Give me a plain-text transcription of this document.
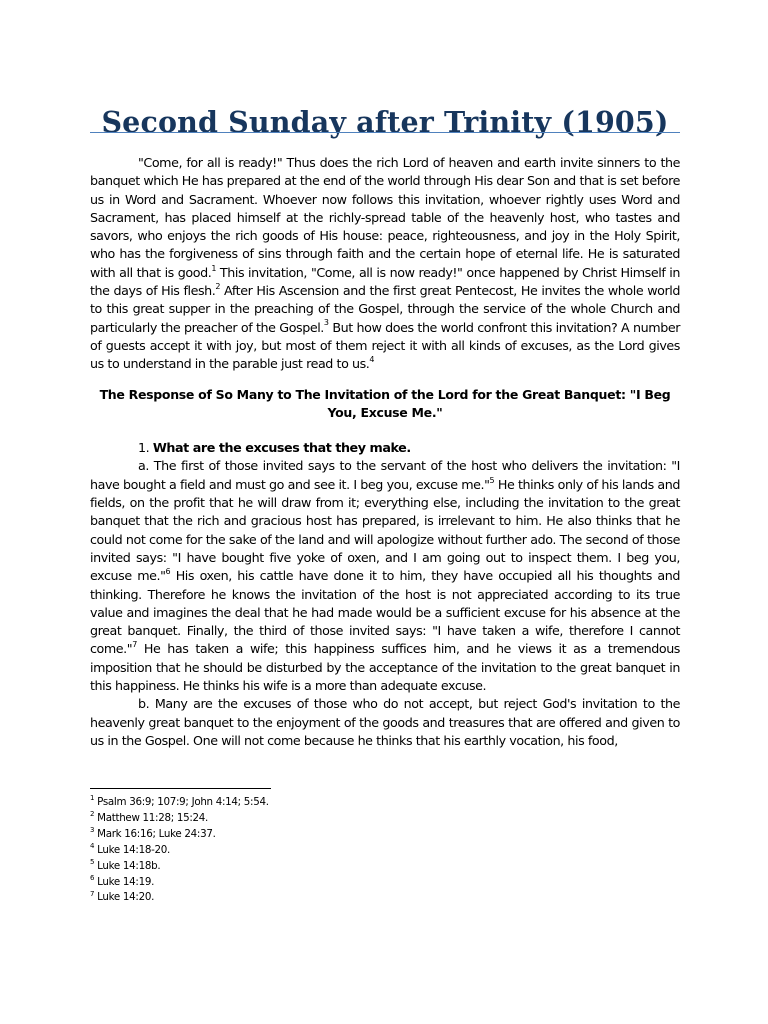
Second Sunday after Trinity (1905)

"Come, for all is ready!" Thus does the rich Lord of heaven and earth invite sinners to the banquet which He has prepared at the end of the world through His dear Son and that is set before us in Word and Sacrament. Whoever now follows this invitation, whoever rightly uses Word and Sacrament, has placed himself at the richly-spread table of the heavenly host, who tastes and savors, who enjoys the rich goods of His house: peace, righteousness, and joy in the Holy Spirit, who has the forgiveness of sins through faith and the certain hope of eternal life. He is saturated with all that is good.$^1$ This invitation, "Come, all is now ready!" once happened by Christ Himself in the days of His flesh.$^2$ After His Ascension and the first great Pentecost, He invites the whole world to this great supper in the preaching of the Gospel, through the service of the whole Church and particularly the preacher of the Gospel.$^3$ But how does the world confront this invitation? A number of guests accept it with joy, but most of them reject it with all kinds of excuses, as the Lord gives us to understand in the parable just read to us.$^4$

The Response of So Many to The Invitation of the Lord for the Great Banquet: "I Beg You, Excuse Me."

1. What are the excuses that they make.

a. The first of those invited says to the servant of the host who delivers the invitation: "I have bought a field and must go and see it. I beg you, excuse me."$^5$ He thinks only of his lands and fields, on the profit that he will draw from it; everything else, including the invitation to the great banquet that the rich and gracious host has prepared, is irrelevant to him. He also thinks that he could not come for the sake of the land and will apologize without further ado. The second of those invited says: "I have bought five yoke of oxen, and I am going out to inspect them. I beg you, excuse me."$^6$ His oxen, his cattle have done it to him, they have occupied all his thoughts and thinking. Therefore he knows the invitation of the host is not appreciated according to its true value and imagines the deal that he had made would be a sufficient excuse for his absence at the great banquet. Finally, the third of those invited says: "I have taken a wife, therefore I cannot come."$^7$ He has taken a wife; this happiness suffices him, and he views it as a tremendous imposition that he should be disturbed by the acceptance of the invitation to the great banquet in this happiness. He thinks his wife is a more than adequate excuse.

b. Many are the excuses of those who do not accept, but reject God's invitation to the heavenly great banquet to the enjoyment of the goods and treasures that are offered and given to us in the Gospel. One will not come because he thinks that his earthly vocation, his food,

$^1$ Psalm 36:9; 107:9; John 4:14; 5:54.
$^2$ Matthew 11:28; 15:24.
$^3$ Mark 16:16; Luke 24:37.
$^4$ Luke 14:18-20.
$^5$ Luke 14:18b.
$^6$ Luke 14:19.
$^7$ Luke 14:20.
